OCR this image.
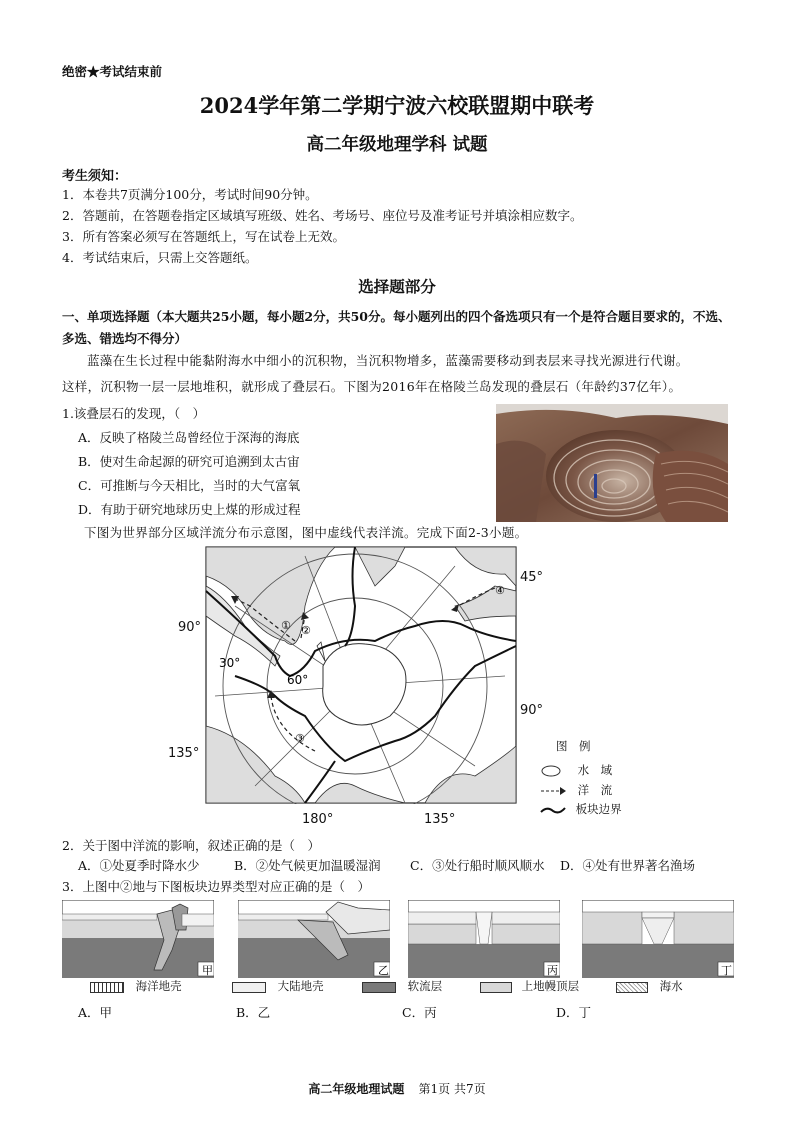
绝密★考试结束前
2024学年第二学期宁波六校联盟期中联考
高二年级地理学科 试题
考生须知：
1．本卷共7页满分100分，考试时间90分钟。
2．答题前，在答题卷指定区域填写班级、姓名、考场号、座位号及准考证号并填涂相应数字。
3．所有答案必须写在答题纸上，写在试卷上无效。
4．考试结束后，只需上交答题纸。
选择题部分
一、单项选择题（本大题共25小题，每小题2分，共50分。每小题列出的四个备选项只有一个是符合题目要求的，不选、多选、错选均不得分）
蓝藻在生长过程中能黏附海水中细小的沉积物，当沉积物增多，蓝藻需要移动到表层来寻找光源进行代谢。
这样，沉积物一层一层地堆积，就形成了叠层石。下图为2016年在格陵兰岛发现的叠层石（年龄约37亿年）。
1.该叠层石的发现，（　）
A．反映了格陵兰岛曾经位于深海的海底
B．使对生命起源的研究可追溯到太古宙
C．可推断与今天相比，当时的大气富氧
D．有助于研究地球历史上煤的形成过程
下图为世界部分区域洋流分布示意图，图中虚线代表洋流。完成下面2-3小题。
30°
60°
① ②
③
④
45°
90°
90°
135°
180°	135°
图　例
水　域
洋　流
板块边界
2．关于图中洋流的影响，叙述正确的是（　）
A．①处夏季时降水少	B．②处气候更加温暖湿润 C．③处行船时顺风顺水 D．④处有世界著名渔场
3．上图中②地与下图板块边界类型对应正确的是（　）
甲	乙	丙	丁
海洋地壳	大陆地壳	软流层	上地幔顶层	海水
A．甲	B．乙	C．丙	D．丁
高二年级地理试题 第1页 共7页
